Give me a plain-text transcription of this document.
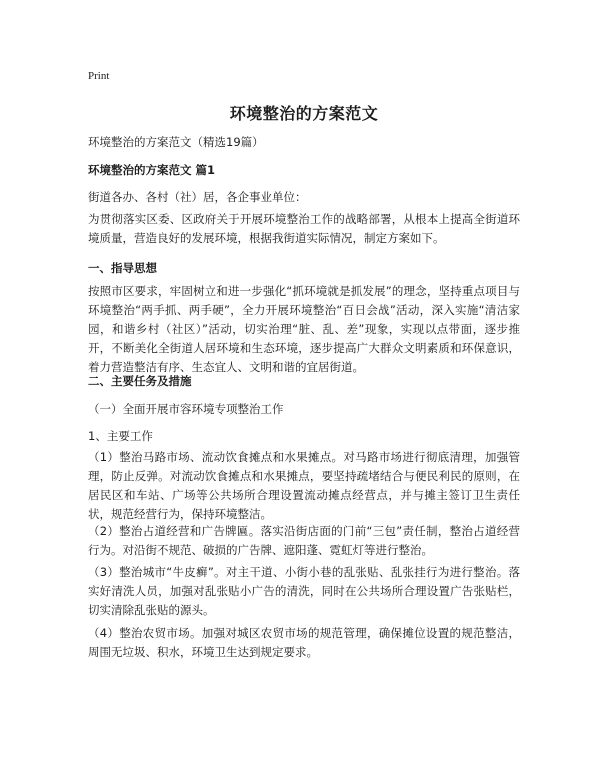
Print
环境整治的方案范文
环境整治的方案范文（精选19篇）
环境整治的方案范文 篇1
街道各办、各村（社）居，各企事业单位：
为贯彻落实区委、区政府关于开展环境整治工作的战略部署，从根本上提高全街道环境质量，营造良好的发展环境，根据我街道实际情况，制定方案如下。
一、指导思想
按照市区要求，牢固树立和进一步强化“抓环境就是抓发展”的理念，坚持重点项目与环境整治“两手抓、两手硬”，全力开展环境整治“百日会战”活动，深入实施“清洁家园，和谐乡村（社区）”活动，切实治理“脏、乱、差”现象，实现以点带面，逐步推开，不断美化全街道人居环境和生态环境，逐步提高广大群众文明素质和环保意识，着力营造整洁有序、生态宜人、文明和谐的宜居街道。
二、主要任务及措施
（一）全面开展市容环境专项整治工作
1、主要工作
（1）整治马路市场、流动饮食摊点和水果摊点。对马路市场进行彻底清理，加强管理，防止反弹。对流动饮食摊点和水果摊点，要坚持疏堵结合与便民利民的原则，在居民区和车站、广场等公共场所合理设置流动摊点经营点，并与摊主签订卫生责任状，规范经营行为，保持环境整洁。
（2）整治占道经营和广告牌匾。落实沿街店面的门前“三包”责任制，整治占道经营行为。对沿街不规范、破损的广告牌、遮阳蓬、霓虹灯等进行整治。
（3）整治城市“牛皮癣”。对主干道、小街小巷的乱张贴、乱张挂行为进行整治。落实好清洗人员，加强对乱张贴小广告的清洗，同时在公共场所合理设置广告张贴栏，切实清除乱张贴的源头。
（4）整治农贸市场。加强对城区农贸市场的规范管理，确保摊位设置的规范整洁，周围无垃圾、积水，环境卫生达到规定要求。
